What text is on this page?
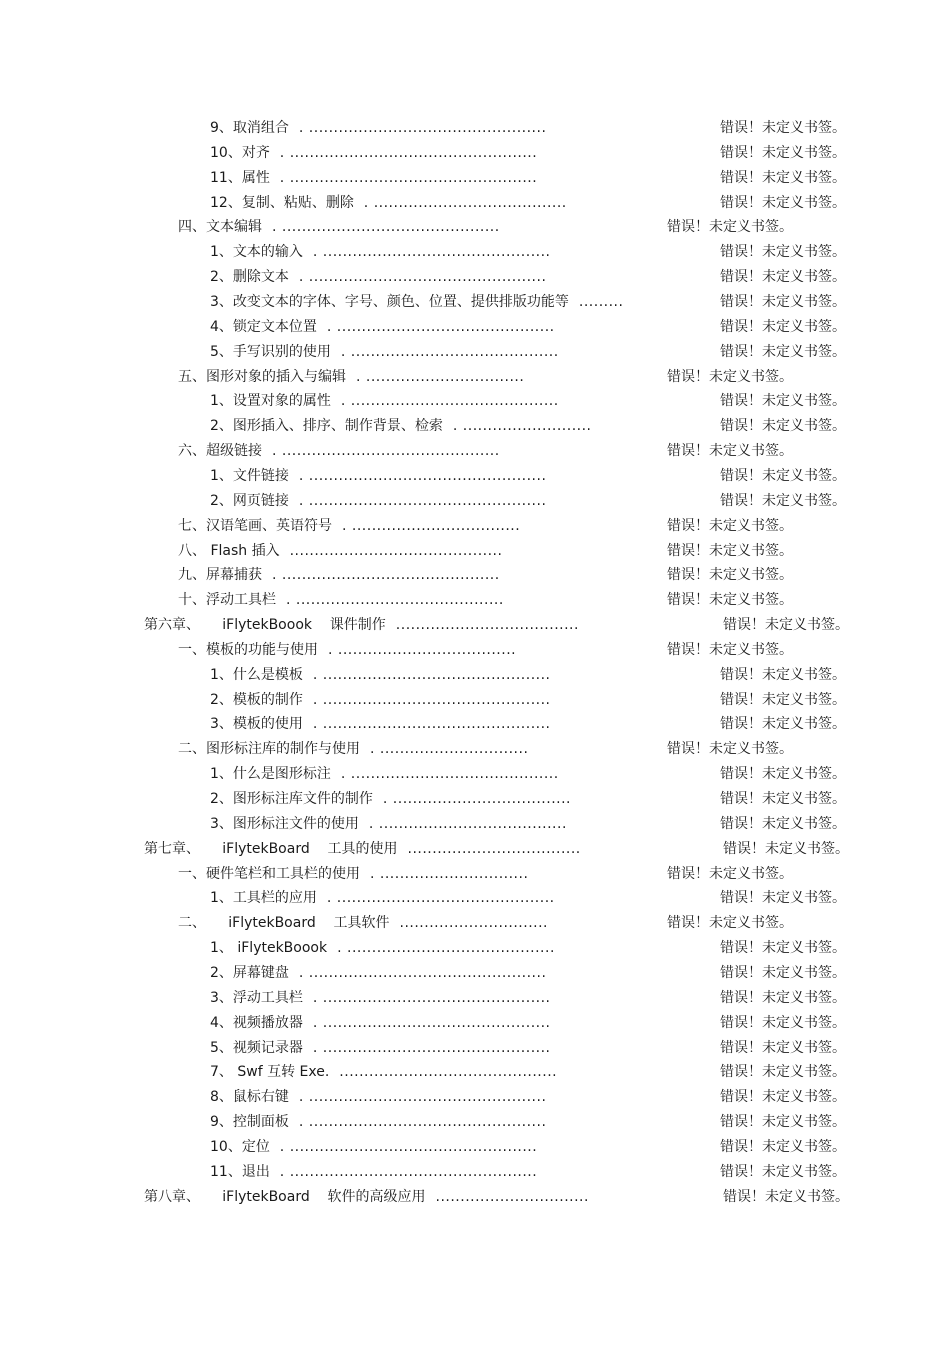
9、取消组合 . ................................................	错误！未定义书签。
10、对齐 . ..................................................	错误！未定义书签。
11、属性 . ..................................................	错误！未定义书签。
12、复制、粘贴、删除 . .......................................	错误！未定义书签。
四、文本编辑 . ............................................	错误！未定义书签。
1、文本的输入 . ..............................................	错误！未定义书签。
2、删除文本 . ................................................	错误！未定义书签。
3、改变文本的字体、字号、颜色、位置、提供排版功能等 .........	错误！未定义书签。
4、锁定文本位置 . ............................................	错误！未定义书签。
5、手写识别的使用 . ..........................................	错误！未定义书签。
五、图形对象的插入与编辑 . ................................	错误！未定义书签。
1、设置对象的属性 . ..........................................	错误！未定义书签。
2、图形插入、排序、制作背景、检索 . ..........................	错误！未定义书签。
六、超级链接 . ............................................	错误！未定义书签。
1、文件链接 . ................................................	错误！未定义书签。
2、网页链接 . ................................................	错误！未定义书签。
七、汉语笔画、英语符号 . ..................................	错误！未定义书签。
八、 Flash 插入 ...........................................	错误！未定义书签。
九、屏幕捕获 . ............................................	错误！未定义书签。
十、浮动工具栏 . ..........................................	错误！未定义书签。
第六章、     iFlytekBoook    课件制作 .....................................	错误！未定义书签。
一、模板的功能与使用 . ....................................	错误！未定义书签。
1、什么是模板 . ..............................................	错误！未定义书签。
2、模板的制作 . ..............................................	错误！未定义书签。
3、模板的使用 . ..............................................	错误！未定义书签。
二、图形标注库的制作与使用 . ..............................	错误！未定义书签。
1、什么是图形标注 . ..........................................	错误！未定义书签。
2、图形标注库文件的制作 . ....................................	错误！未定义书签。
3、图形标注文件的使用 . ......................................	错误！未定义书签。
第七章、     iFlytekBoard    工具的使用 ...................................	错误！未定义书签。
一、硬件笔栏和工具栏的使用 . ..............................	错误！未定义书签。
1、工具栏的应用 . ............................................	错误！未定义书签。
二、     iFlytekBoard    工具软件 ..............................	错误！未定义书签。
1、 iFlytekBoook . ..........................................	错误！未定义书签。
2、屏幕键盘 . ................................................	错误！未定义书签。
3、浮动工具栏 . ..............................................	错误！未定义书签。
4、视频播放器 . ..............................................	错误！未定义书签。
5、视频记录器 . ..............................................	错误！未定义书签。
7、 Swf 互转 Exe. ............................................	错误！未定义书签。
8、鼠标右键 . ................................................	错误！未定义书签。
9、控制面板 . ................................................	错误！未定义书签。
10、定位 . ..................................................	错误！未定义书签。
11、退出 . ..................................................	错误！未定义书签。
第八章、     iFlytekBoard    软件的高级应用 ...............................	错误！未定义书签。
